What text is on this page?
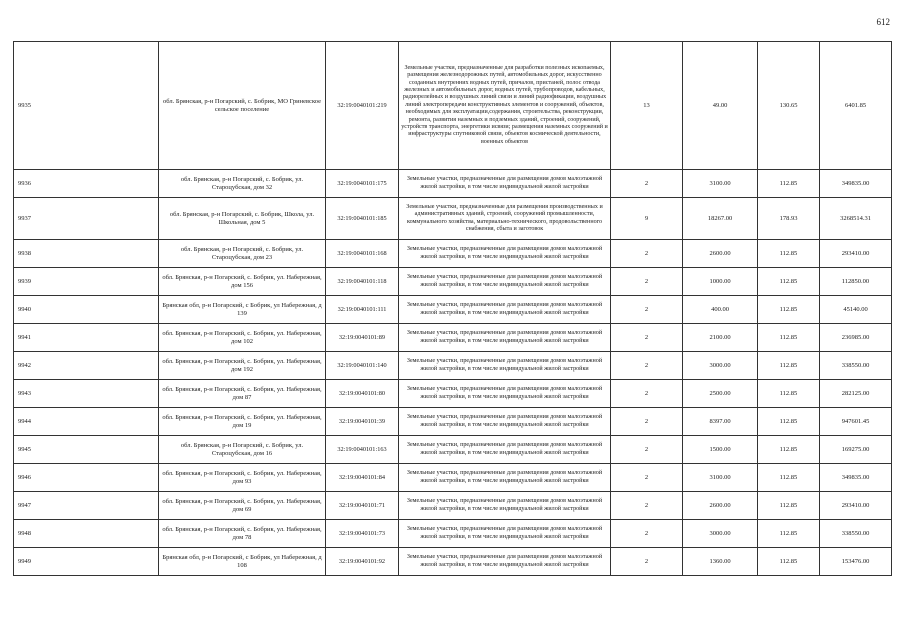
612
9935	обл. Брянская, р-н Погарский, с. Бобрик, МО Гриневское сельское поселение	32:19:0040101:219	Земельные участки, предназначенные для разработки полезных ископаемых, размещения железнодорожных путей, автомобильных дорог, искусственно созданных внутренних водных путей, причалов, пристаней, полос отвода железных и автомобильных дорог, водных путей, трубопроводов, кабельных, радиорелейных и воздушных линий связи и линий радиофикации, воздушных линий электропередачи конструктивных элементов и сооружений, объектов, необходимых для эксплуатации,содержания, строительства, реконструкции, ремонта, развития наземных и подземных зданий, строений, сооружений, устройств транспорта, энергетики исвязи; размещения наземных сооружений и инфраструктуры спутниковой связи, объектов космической деятельности, военных объектов	13	49.00	130.65	6401.85
9936	обл. Брянская, р-н Погарский, с. Бобрик, ул. Староцубская, дом 32	32:19:0040101:175	Земельные участки, предназначенные для размещения домов малоэтажной жилой застройки, в том числе индивидуальной жилой застройки	2	3100.00	112.85	349835.00
9937	обл. Брянская, р-н Погарский, с. Бобрик, Школа, ул. Школьная, дом 5	32:19:0040101:185	Земельные участки, предназначенные для размещения производственных и административных зданий, строений, сооружений промышленности, коммунального хозяйства, материально-технического, продовольственного снабжения, сбыта и заготовок	9	18267.00	178.93	3268514.31
9938	обл. Брянская, р-н Погарский, с. Бобрик, ул. Староцубская, дом 23	32:19:0040101:168	Земельные участки, предназначенные для размещения домов малоэтажной жилой застройки, в том числе индивидуальной жилой застройки	2	2600.00	112.85	293410.00
9939	обл. Брянская, р-н Погарский, с. Бобрик, ул. Набережная, дом 156	32:19:0040101:118	Земельные участки, предназначенные для размещения домов малоэтажной жилой застройки, в том числе индивидуальной жилой застройки	2	1000.00	112.85	112850.00
9940	Брянская обл, р-н Погарский, с Бобрик, ул Набережная, д 139	32:19:0040101:111	Земельные участки, предназначенные для размещения домов малоэтажной жилой застройки, в том числе индивидуальной жилой застройки	2	400.00	112.85	45140.00
9941	обл. Брянская, р-н Погарский, с. Бобрик, ул. Набережная, дом 102	32:19:0040101:89	Земельные участки, предназначенные для размещения домов малоэтажной жилой застройки, в том числе индивидуальной жилой застройки	2	2100.00	112.85	236985.00
9942	обл. Брянская, р-н Погарский, с. Бобрик, ул. Набережная, дом 192	32:19:0040101:140	Земельные участки, предназначенные для размещения домов малоэтажной жилой застройки, в том числе индивидуальной жилой застройки	2	3000.00	112.85	338550.00
9943	обл. Брянская, р-н Погарский, с. Бобрик, ул. Набережная, дом 87	32:19:0040101:80	Земельные участки, предназначенные для размещения домов малоэтажной жилой застройки, в том числе индивидуальной жилой застройки	2	2500.00	112.85	282125.00
9944	обл. Брянская, р-н Погарский, с. Бобрик, ул. Набережная, дом 19	32:19:0040101:39	Земельные участки, предназначенные для размещения домов малоэтажной жилой застройки, в том числе индивидуальной жилой застройки	2	8397.00	112.85	947601.45
9945	обл. Брянская, р-н Погарский, с. Бобрик, ул. Староцубская, дом 16	32:19:0040101:163	Земельные участки, предназначенные для размещения домов малоэтажной жилой застройки, в том числе индивидуальной жилой застройки	2	1500.00	112.85	169275.00
9946	обл. Брянская, р-н Погарский, с. Бобрик, ул. Набережная, дом 93	32:19:0040101:84	Земельные участки, предназначенные для размещения домов малоэтажной жилой застройки, в том числе индивидуальной жилой застройки	2	3100.00	112.85	349835.00
9947	обл. Брянская, р-н Погарский, с. Бобрик, ул. Набережная, дом 69	32:19:0040101:71	Земельные участки, предназначенные для размещения домов малоэтажной жилой застройки, в том числе индивидуальной жилой застройки	2	2600.00	112.85	293410.00
9948	обл. Брянская, р-н Погарский, с. Бобрик, ул. Набережная, дом 78	32:19:0040101:73	Земельные участки, предназначенные для размещения домов малоэтажной жилой застройки, в том числе индивидуальной жилой застройки	2	3000.00	112.85	338550.00
9949	Брянская обл, р-н Погарский, с Бобрик, ул Набережная, д 108	32:19:0040101:92	Земельные участки, предназначенные для размещения домов малоэтажной жилой застройки, в том числе индивидуальной жилой застройки	2	1360.00	112.85	153476.00
